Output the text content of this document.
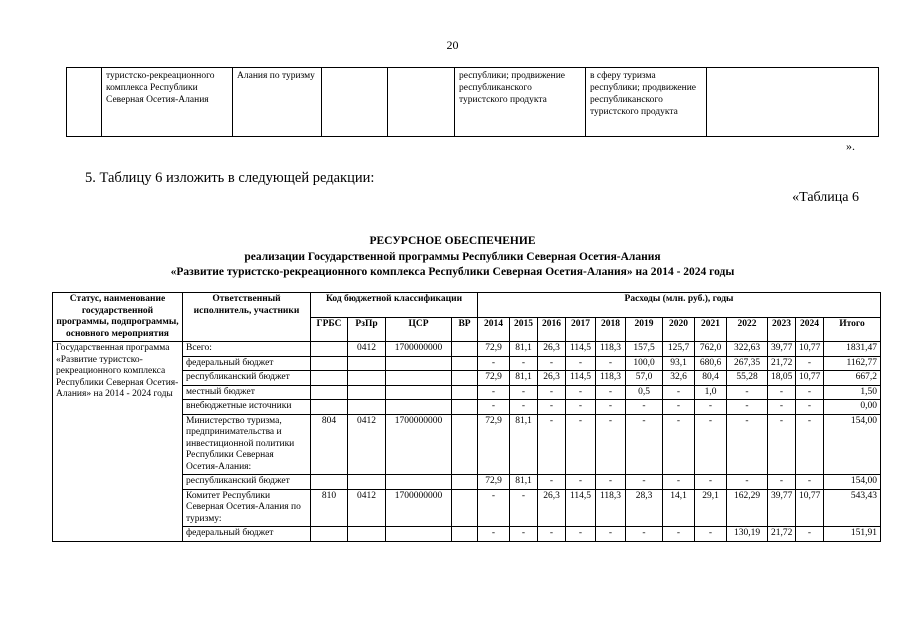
20
	туристско-рекреационного комплекса Республики Северная Осетия-Алания	Алания по туризму			республики; продвижение республиканского туристского продукта	в сферу туризма республики; продвижение республиканского туристского продукта	
».
5. Таблицу 6 изложить в следующей редакции:
«Таблица 6
РЕСУРСНОЕ ОБЕСПЕЧЕНИЕ
реализации Государственной программы Республики Северная Осетия-Алания
«Развитие туристско-рекреационного комплекса Республики Северная Осетия-Алания» на 2014 - 2024 годы
Статус, наименование государственной программы, подпрограммы, основного мероприятия	Ответственный исполнитель, участники	Код бюджетной классификации				Расходы (млн. руб.), годы											
		ГРБС	РзПр	ЦСР	ВР	2014	2015	2016	2017	2018	2019	2020	2021	2022	2023	2024	Итого
Государственная программа «Развитие туристско-рекреационного комплекса Республики Северная Осетия-Алания» на 2014 - 2024 годы	Всего:		0412	1700000000		72,9	81,1	26,3	114,5	118,3	157,5	125,7	762,0	322,63	39,77	10,77	1831,47
	федеральный бюджет					-	-	-	-	-	100,0	93,1	680,6	267,35	21,72	-	1162,77
	республиканский бюджет					72,9	81,1	26,3	114,5	118,3	57,0	32,6	80,4	55,28	18,05	10,77	667,2
	местный бюджет					-	-	-	-	-	0,5	-	1,0	-	-	-	1,50
	внебюджетные источники					-	-	-	-	-	-	-	-	-	-	-	0,00
	Министерство туризма, предпринимательства и инвестиционной политики Республики Северная Осетия-Алания:	804	0412	1700000000		72,9	81,1	-	-	-	-	-	-	-	-	-	154,00
	республиканский бюджет					72,9	81,1	-	-	-	-	-	-	-	-	-	154,00
	Комитет Республики Северная Осетия-Алания по туризму:	810	0412	1700000000		-	-	26,3	114,5	118,3	28,3	14,1	29,1	162,29	39,77	10,77	543,43
	федеральный бюджет					-	-	-	-	-	-	-	-	130,19	21,72	-	151,91
